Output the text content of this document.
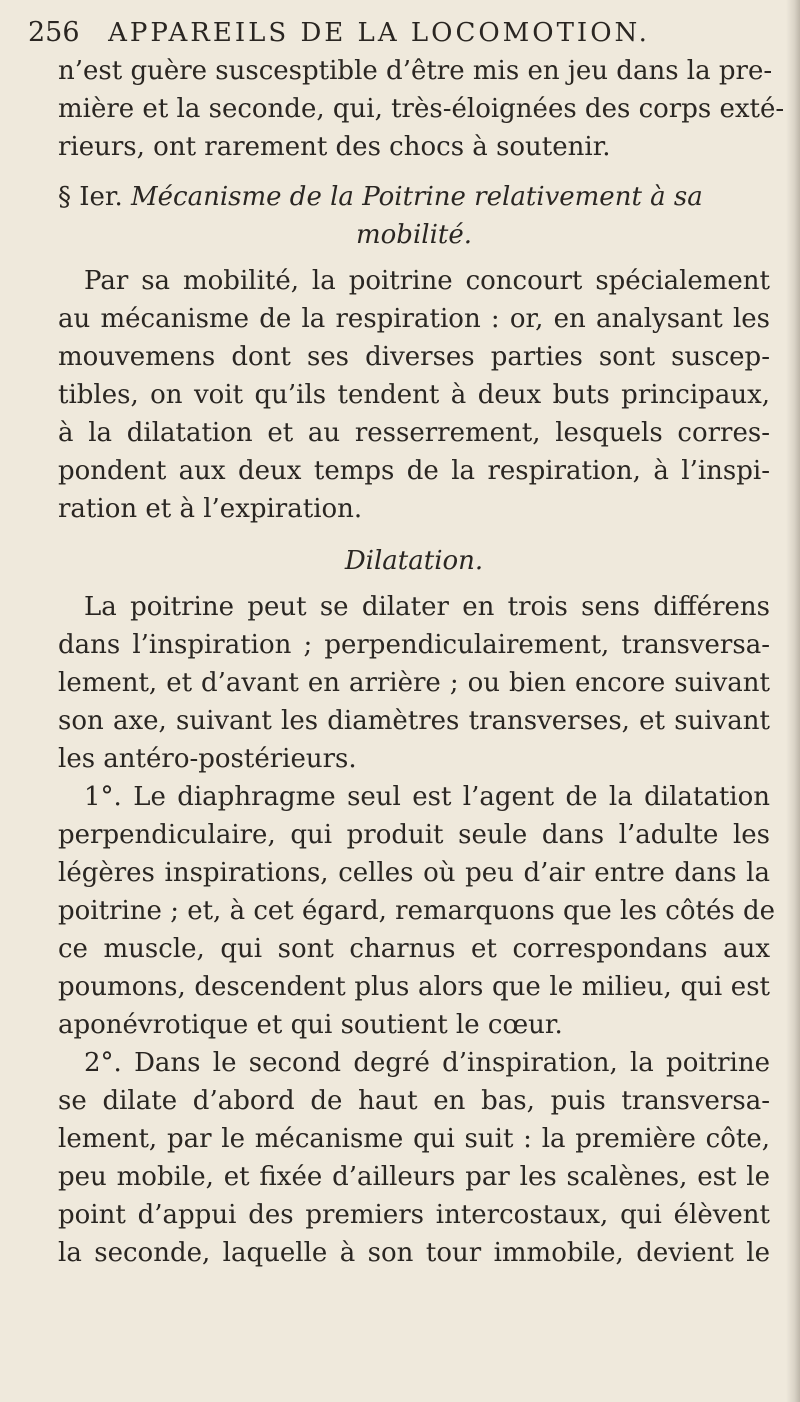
256 APPAREILS DE LA LOCOMOTION.
n’est guère suscesptible d’être mis en jeu dans la pre-
mière et la seconde, qui, très-éloignées des corps exté-
rieurs, ont rarement des chocs à soutenir.
§ Ier. Mécanisme de la Poitrine relativement à sa
mobilité.
Par sa mobilité, la poitrine concourt spécialement
au mécanisme de la respiration : or, en analysant les
mouvemens dont ses diverses parties sont suscep-
tibles, on voit qu’ils tendent à deux buts principaux,
à la dilatation et au resserrement, lesquels corres-
pondent aux deux temps de la respiration, à l’inspi-
ration et à l’expiration.
Dilatation.
La poitrine peut se dilater en trois sens différens
dans l’inspiration ; perpendiculairement, transversa-
lement, et d’avant en arrière ; ou bien encore suivant
son axe, suivant les diamètres transverses, et suivant
les antéro-postérieurs.
1°. Le diaphragme seul est l’agent de la dilatation
perpendiculaire, qui produit seule dans l’adulte les
légères inspirations, celles où peu d’air entre dans la
poitrine ; et, à cet égard, remarquons que les côtés de
ce muscle, qui sont charnus et correspondans aux
poumons, descendent plus alors que le milieu, qui est
aponévrotique et qui soutient le cœur.
2°. Dans le second degré d’inspiration, la poitrine
se dilate d’abord de haut en bas, puis transversa-
lement, par le mécanisme qui suit : la première côte,
peu mobile, et fixée d’ailleurs par les scalènes, est le
point d’appui des premiers intercostaux, qui élèvent
la seconde, laquelle à son tour immobile, devient le
